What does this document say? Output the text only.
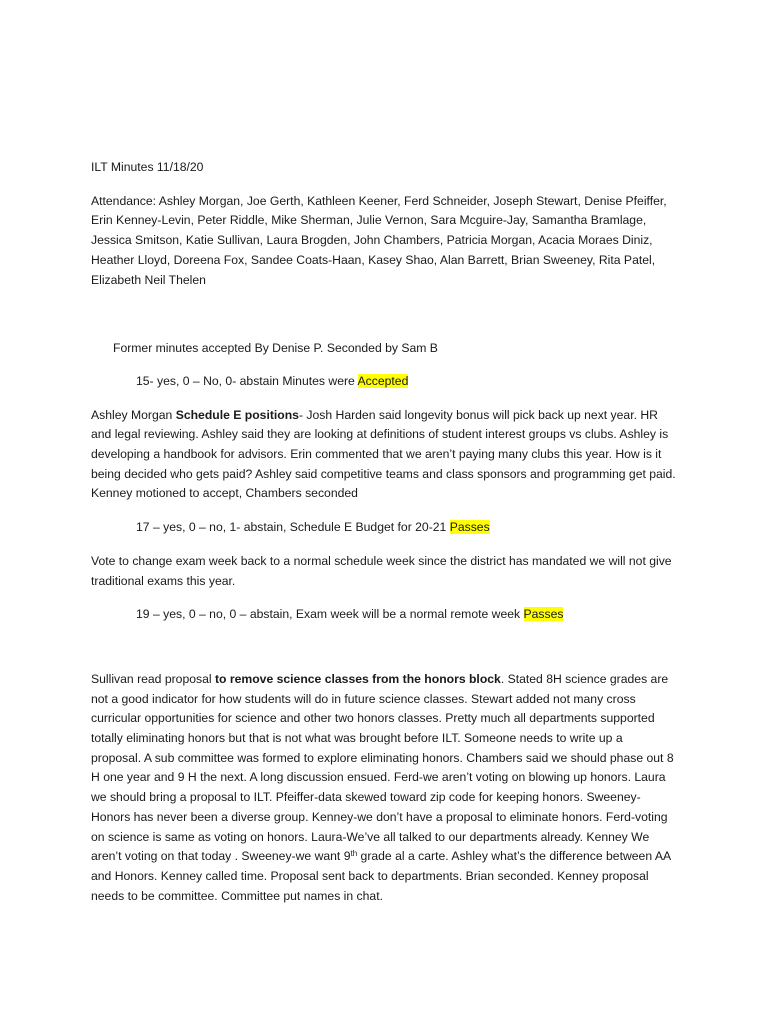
ILT Minutes 11/18/20

Attendance: Ashley Morgan, Joe Gerth, Kathleen Keener, Ferd Schneider, Joseph Stewart, Denise Pfeiffer, Erin Kenney-Levin, Peter Riddle, Mike Sherman, Julie Vernon, Sara Mcguire-Jay, Samantha Bramlage, Jessica Smitson, Katie Sullivan, Laura Brogden, John Chambers, Patricia Morgan, Acacia Moraes Diniz, Heather Lloyd, Doreena Fox, Sandee Coats-Haan, Kasey Shao, Alan Barrett, Brian Sweeney, Rita Patel, Elizabeth Neil Thelen

Former minutes accepted By Denise P. Seconded by Sam B

15- yes, 0 – No, 0- abstain Minutes were Accepted

Ashley Morgan Schedule E positions- Josh Harden said longevity bonus will pick back up next year. HR and legal reviewing. Ashley said they are looking at definitions of student interest groups vs clubs. Ashley is developing a handbook for advisors. Erin commented that we aren’t paying many clubs this year. How is it being decided who gets paid? Ashley said competitive teams and class sponsors and programming get paid. Kenney motioned to accept, Chambers seconded

17 – yes, 0 – no, 1- abstain, Schedule E Budget for 20-21 Passes

Vote to change exam week back to a normal schedule week since the district has mandated we will not give traditional exams this year.

19 – yes, 0 – no, 0 – abstain, Exam week will be a normal remote week Passes

Sullivan read proposal to remove science classes from the honors block. Stated 8H science grades are not a good indicator for how students will do in future science classes. Stewart added not many cross curricular opportunities for science and other two honors classes. Pretty much all departments supported totally eliminating honors but that is not what was brought before ILT. Someone needs to write up a proposal. A sub committee was formed to explore eliminating honors. Chambers said we should phase out 8 H one year and 9 H the next. A long discussion ensued. Ferd-we aren’t voting on blowing up honors. Laura we should bring a proposal to ILT. Pfeiffer-data skewed toward zip code for keeping honors. Sweeney-Honors has never been a diverse group. Kenney-we don’t have a proposal to eliminate honors. Ferd-voting on science is same as voting on honors. Laura-We’ve all talked to our departments already. Kenney We aren’t voting on that today . Sweeney-we want 9th grade al a carte. Ashley what’s the difference between AA and Honors. Kenney called time. Proposal sent back to departments. Brian seconded. Kenney proposal needs to be committee. Committee put names in chat.
